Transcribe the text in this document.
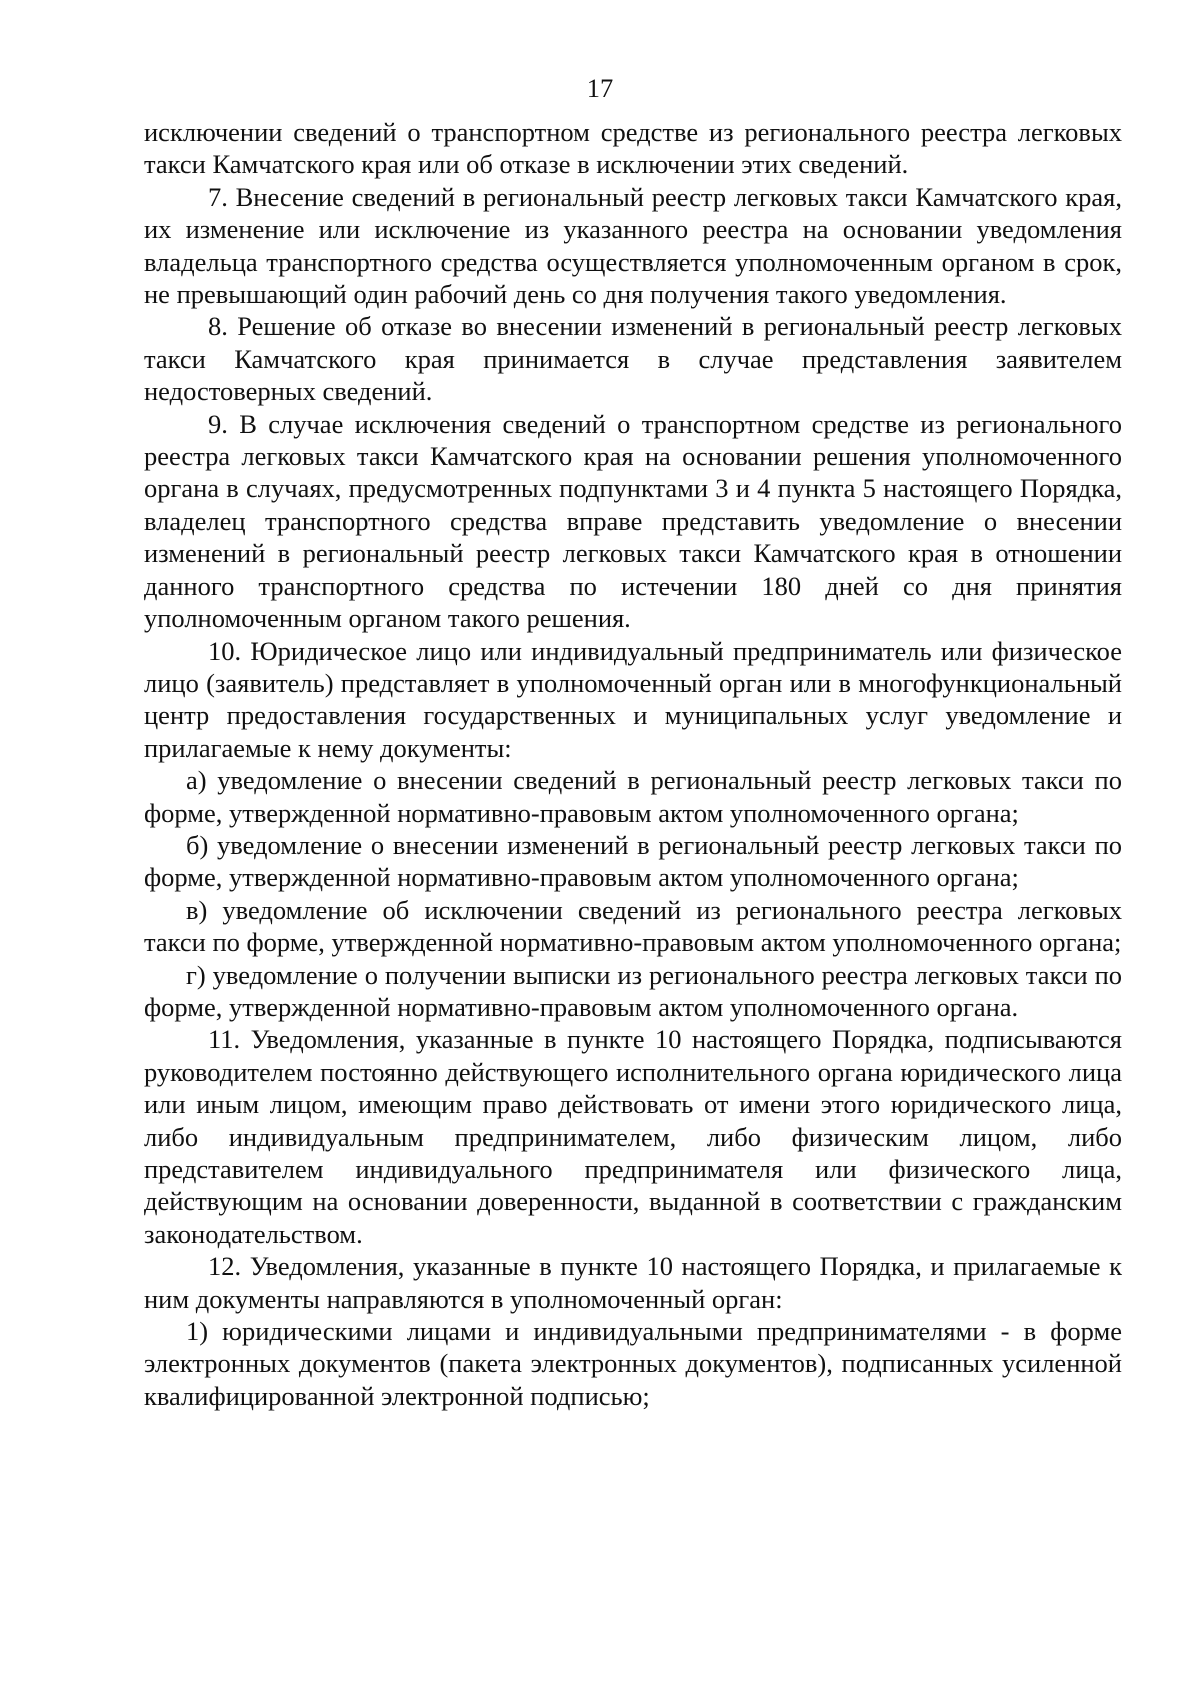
17

исключении сведений о транспортном средстве из регионального реестра легковых такси Камчатского края или об отказе в исключении этих сведений.

7. Внесение сведений в региональный реестр легковых такси Камчатского края, их изменение или исключение из указанного реестра на основании уведомления владельца транспортного средства осуществляется уполномоченным органом в срок, не превышающий один рабочий день со дня получения такого уведомления.

8. Решение об отказе во внесении изменений в региональный реестр легковых такси Камчатского края принимается в случае представления заявителем недостоверных сведений.

9. В случае исключения сведений о транспортном средстве из регионального реестра легковых такси Камчатского края на основании решения уполномоченного органа в случаях, предусмотренных подпунктами 3 и 4 пункта 5 настоящего Порядка, владелец транспортного средства вправе представить уведомление о внесении изменений в региональный реестр легковых такси Камчатского края в отношении данного транспортного средства по истечении 180 дней со дня принятия уполномоченным органом такого решения.

10. Юридическое лицо или индивидуальный предприниматель или физическое лицо (заявитель) представляет в уполномоченный орган или в многофункциональный центр предоставления государственных и муниципальных услуг уведомление и прилагаемые к нему документы:

а) уведомление о внесении сведений в региональный реестр легковых такси по форме, утвержденной нормативно-правовым актом уполномоченного органа;

б) уведомление о внесении изменений в региональный реестр легковых такси по форме, утвержденной нормативно-правовым актом уполномоченного органа;

в) уведомление об исключении сведений из регионального реестра легковых такси по форме, утвержденной нормативно-правовым актом уполномоченного органа;

г) уведомление о получении выписки из регионального реестра легковых такси по форме, утвержденной нормативно-правовым актом уполномоченного органа.

11. Уведомления, указанные в пункте 10 настоящего Порядка, подписываются руководителем постоянно действующего исполнительного органа юридического лица или иным лицом, имеющим право действовать от имени этого юридического лица, либо индивидуальным предпринимателем, либо физическим лицом, либо представителем индивидуального предпринимателя или физического лица, действующим на основании доверенности, выданной в соответствии с гражданским законодательством.

12. Уведомления, указанные в пункте 10 настоящего Порядка, и прилагаемые к ним документы направляются в уполномоченный орган:

1) юридическими лицами и индивидуальными предпринимателями - в форме электронных документов (пакета электронных документов), подписанных усиленной квалифицированной электронной подписью;
